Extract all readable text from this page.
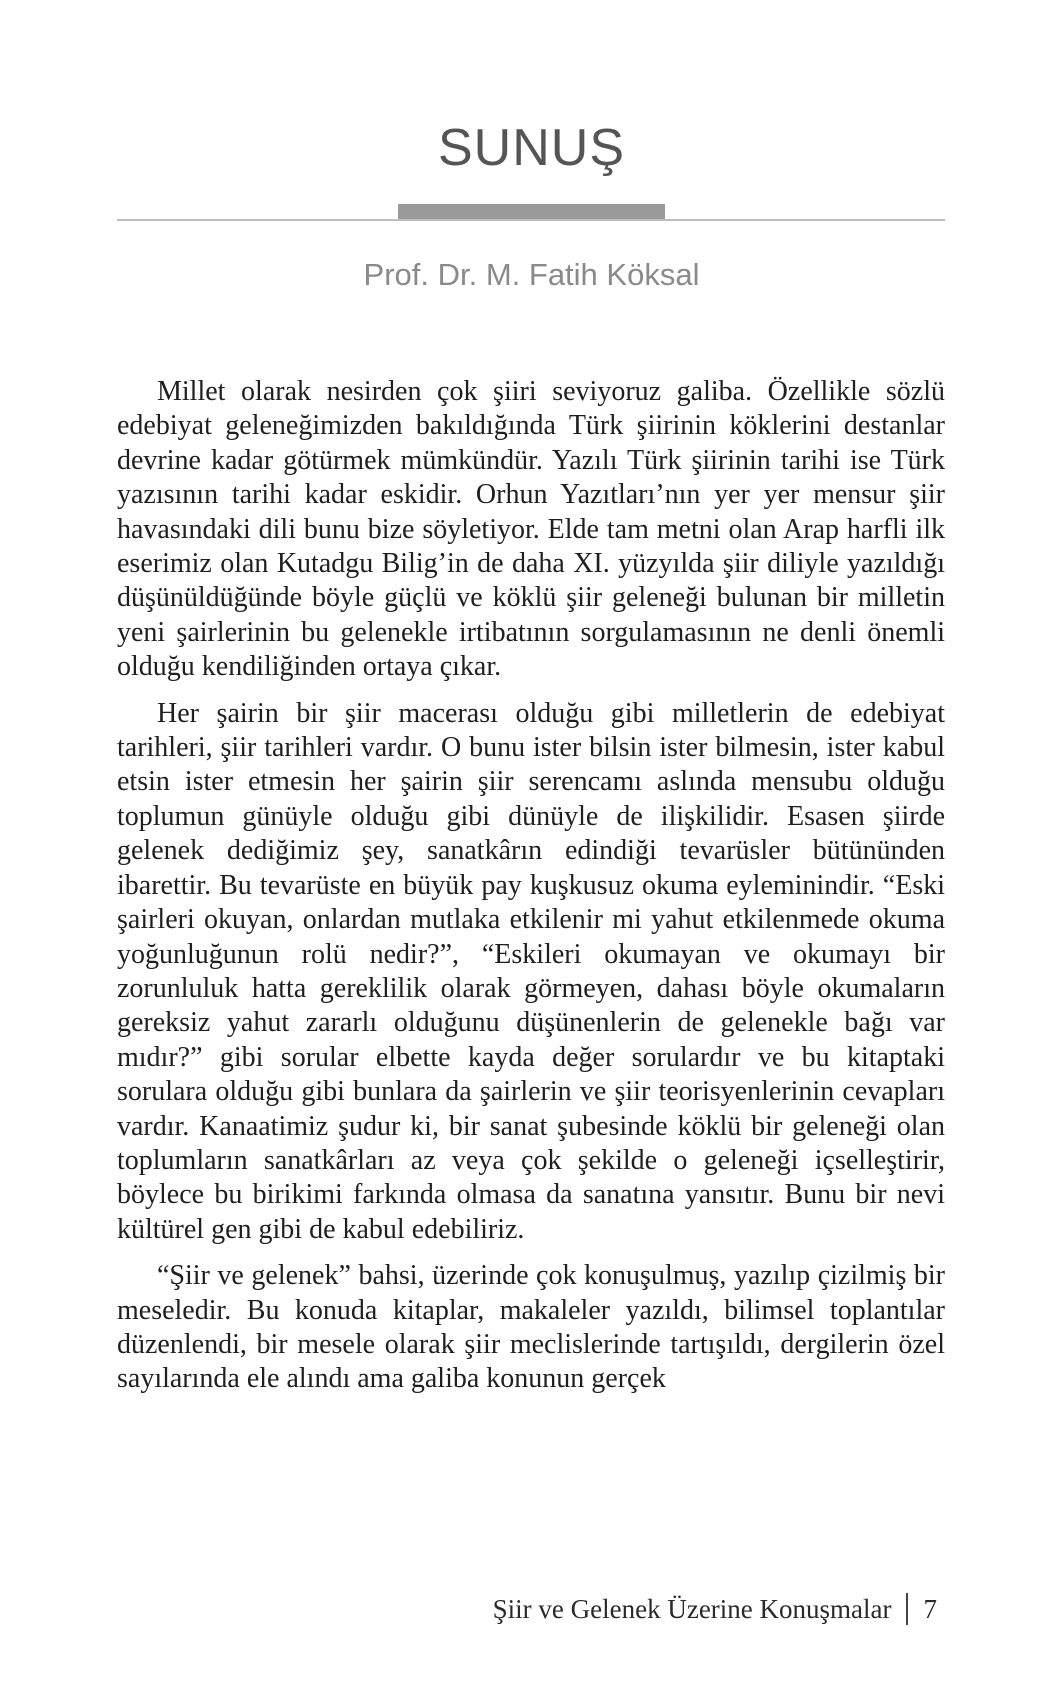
SUNUŞ
Prof. Dr. M. Fatih Köksal

Millet olarak nesirden çok şiiri seviyoruz galiba. Özellikle sözlü edebiyat geleneğimizden bakıldığında Türk şiirinin köklerini destanlar devrine kadar götürmek mümkündür. Yazılı Türk şiirinin tarihi ise Türk yazısının tarihi kadar eskidir. Orhun Yazıtları’nın yer yer mensur şiir havasındaki dili bunu bize söyletiyor. Elde tam metni olan Arap harfli ilk eserimiz olan Kutadgu Bilig’in de daha XI. yüzyılda şiir diliyle yazıldığı düşünüldüğünde böyle güçlü ve köklü şiir geleneği bulunan bir milletin yeni şairlerinin bu gelenekle irtibatının sorgulamasının ne denli önemli olduğu kendiliğinden ortaya çıkar.

Her şairin bir şiir macerası olduğu gibi milletlerin de edebiyat tarihleri, şiir tarihleri vardır. O bunu ister bilsin ister bilmesin, ister kabul etsin ister etmesin her şairin şiir serencamı aslında mensubu olduğu toplumun günüyle olduğu gibi dünüyle de ilişkilidir. Esasen şiirde gelenek dediğimiz şey, sanatkârın edindiği tevarüsler bütününden ibarettir. Bu tevarüste en büyük pay kuşkusuz okuma eyleminindir. “Eski şairleri okuyan, onlardan mutlaka etkilenir mi yahut etkilenmede okuma yoğunluğunun rolü nedir?”, “Eskileri okumayan ve okumayı bir zorunluluk hatta gereklilik olarak görmeyen, dahası böyle okumaların gereksiz yahut zararlı olduğunu düşünenlerin de gelenekle bağı var mıdır?” gibi sorular elbette kayda değer sorulardır ve bu kitaptaki sorulara olduğu gibi bunlara da şairlerin ve şiir teorisyenlerinin cevapları vardır. Kanaatimiz şudur ki, bir sanat şubesinde köklü bir geleneği olan toplumların sanatkârları az veya çok şekilde o geleneği içselleştirir, böylece bu birikimi farkında olmasa da sanatına yansıtır. Bunu bir nevi kültürel gen gibi de kabul edebiliriz.

“Şiir ve gelenek” bahsi, üzerinde çok konuşulmuş, yazılıp çizilmiş bir meseledir. Bu konuda kitaplar, makaleler yazıldı, bilimsel toplantılar düzenlendi, bir mesele olarak şiir meclislerinde tartışıldı, dergilerin özel sayılarında ele alındı ama galiba konunun gerçek

Şiir ve Gelenek Üzerine Konuşmalar 7
